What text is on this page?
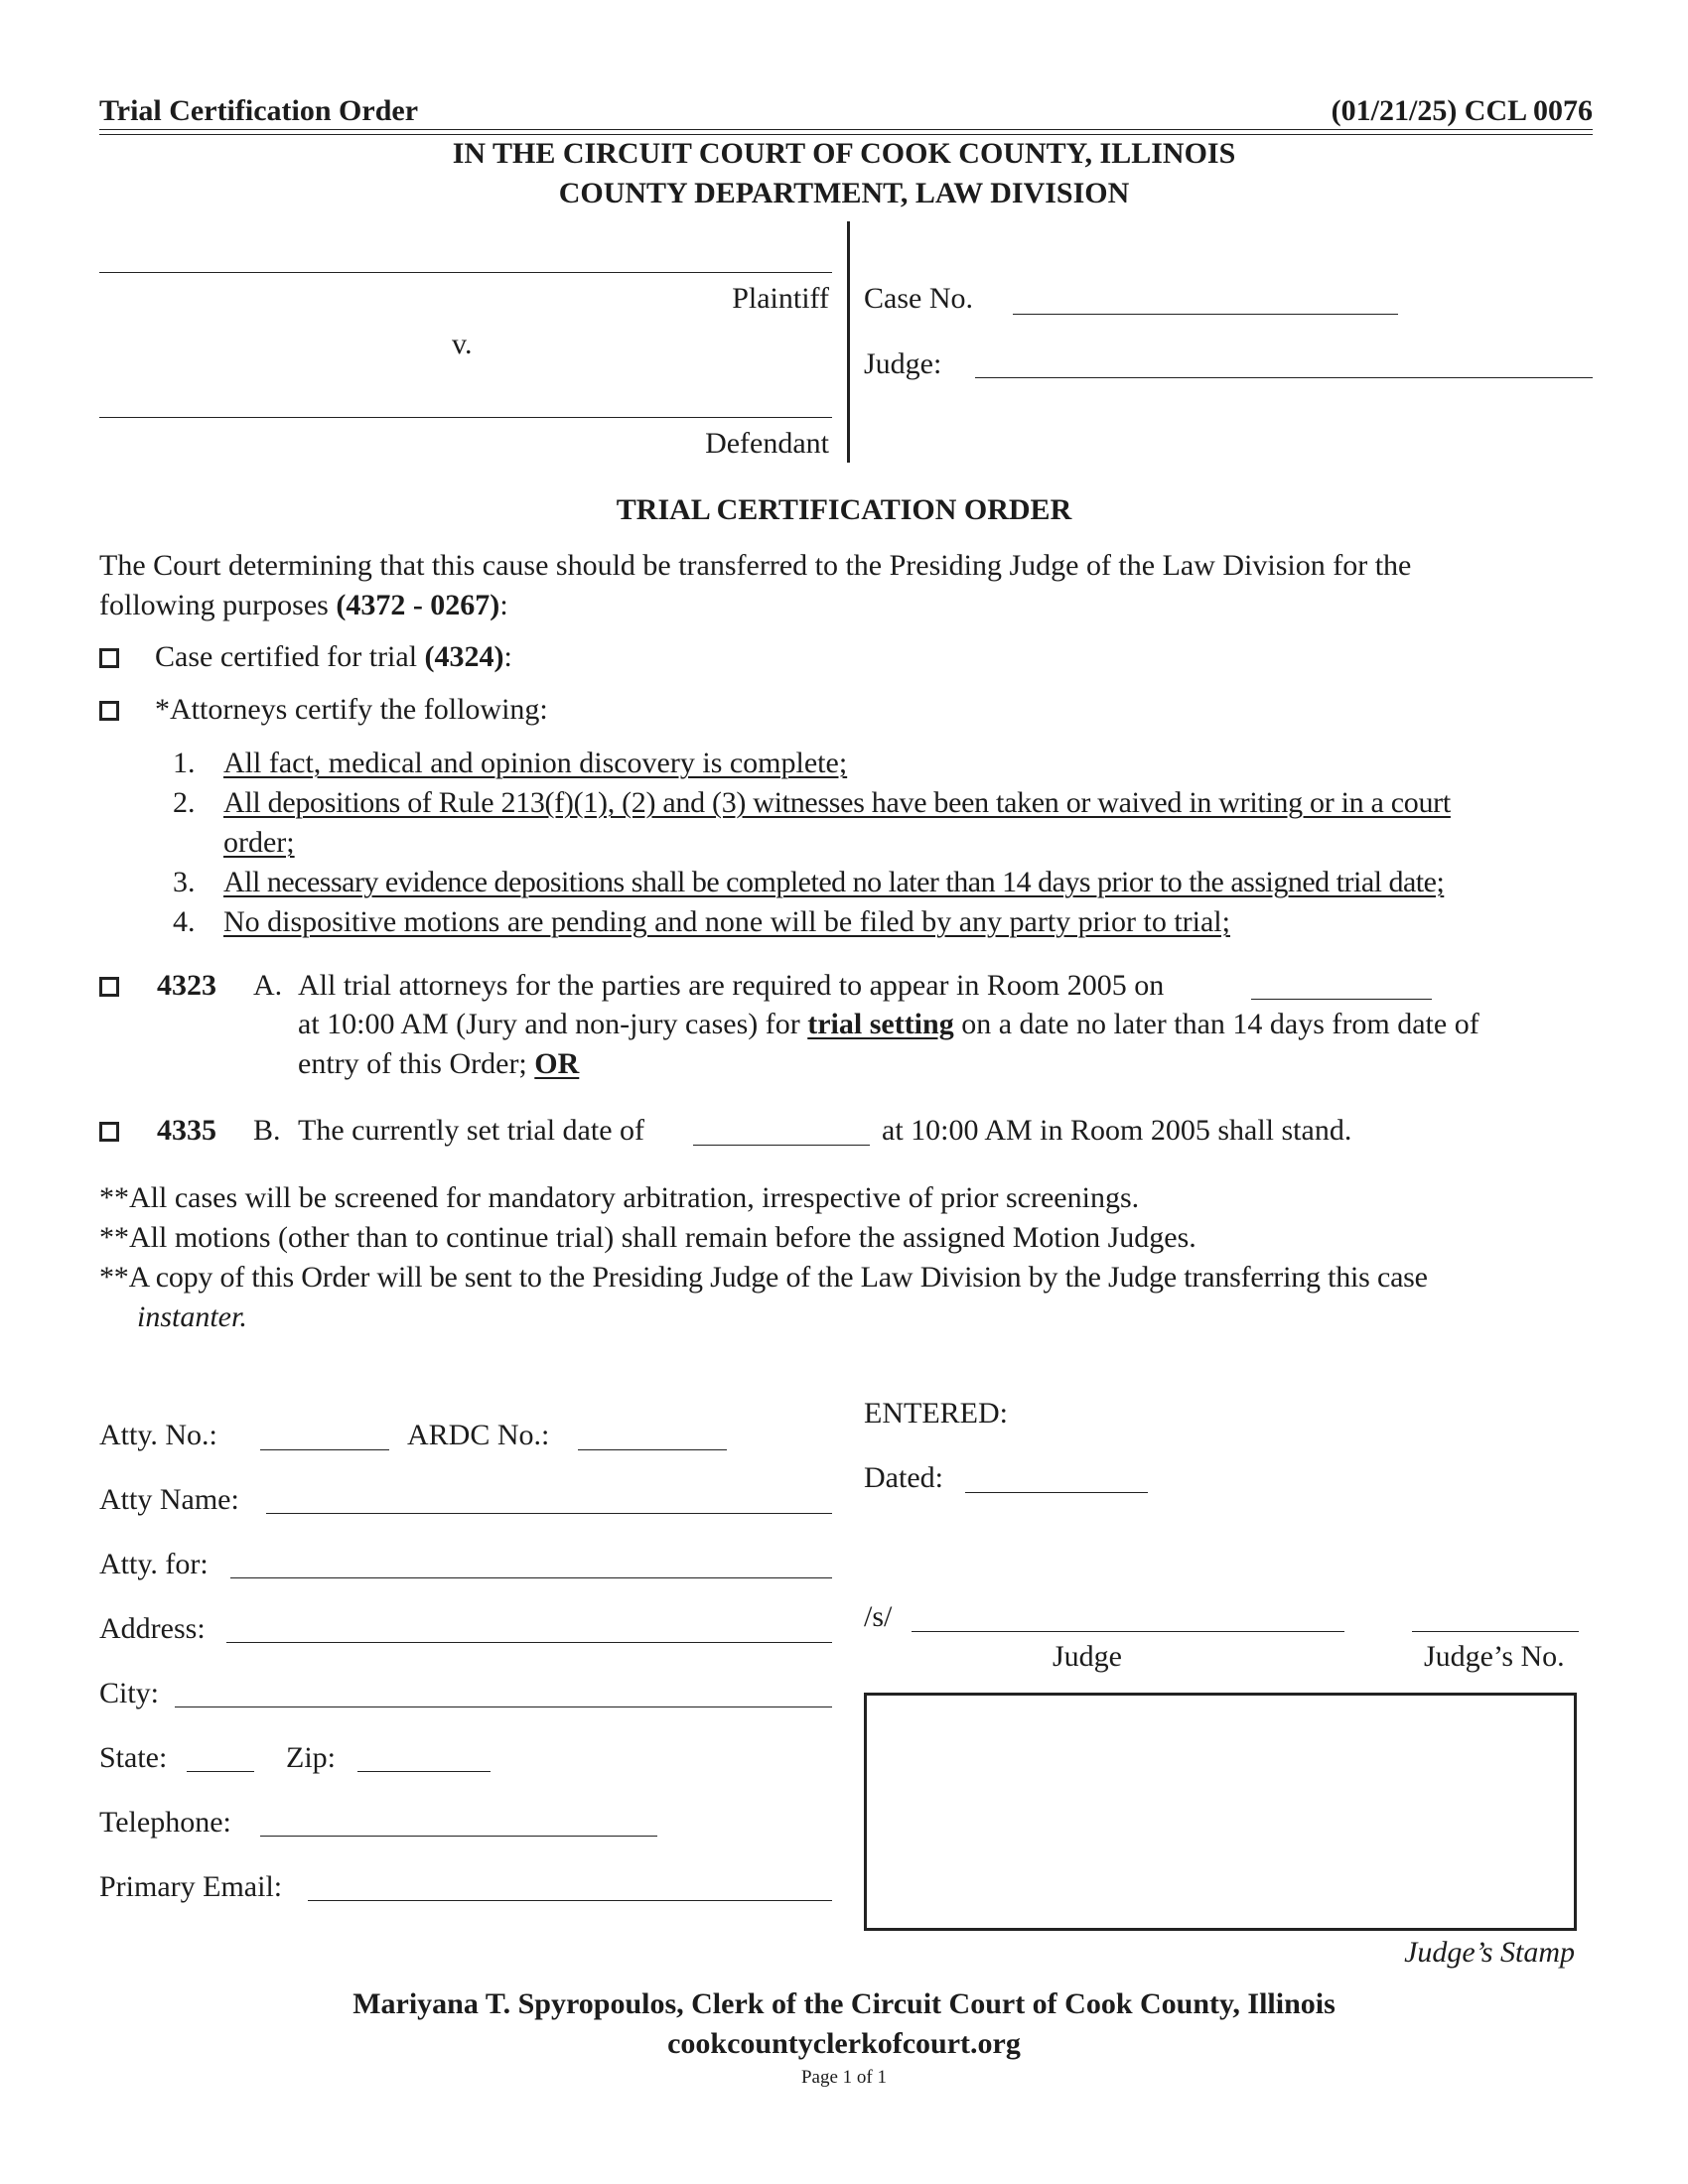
Trial Certification Order	(01/21/25) CCL 0076
IN THE CIRCUIT COURT OF COOK COUNTY, ILLINOIS
COUNTY DEPARTMENT, LAW DIVISION
Plaintiff
v.
Defendant
Case No.
Judge:
TRIAL CERTIFICATION ORDER
The Court determining that this cause should be transferred to the Presiding Judge of the Law Division for the
following purposes (4372 - 0267):
Case certified for trial (4324):
*Attorneys certify the following:
1. All fact, medical and opinion discovery is complete;
2. All depositions of Rule 213(f)(1), (2) and (3) witnesses have been taken or waived in writing or in a court
order;
3. All necessary evidence depositions shall be completed no later than 14 days prior to the assigned trial date;
4. No dispositive motions are pending and none will be filed by any party prior to trial;
4323 A. All trial attorneys for the parties are required to appear in Room 2005 on
at 10:00 AM (Jury and non-jury cases) for trial setting on a date no later than 14 days from date of
entry of this Order; OR
4335 B. The currently set trial date of	at 10:00 AM in Room 2005 shall stand.
**All cases will be screened for mandatory arbitration, irrespective of prior screenings.
**All motions (other than to continue trial) shall remain before the assigned Motion Judges.
**A copy of this Order will be sent to the Presiding Judge of the Law Division by the Judge transferring this case
instanter.
Atty. No.:	ARDC No.:
Atty Name:
Atty. for:
Address:
City:
State:	Zip:
Telephone:
Primary Email:
ENTERED:
Dated:
/s/
Judge	Judge’s No.
Judge’s Stamp
Mariyana T. Spyropoulos, Clerk of the Circuit Court of Cook County, Illinois
cookcountyclerkofcourt.org
Page 1 of 1
